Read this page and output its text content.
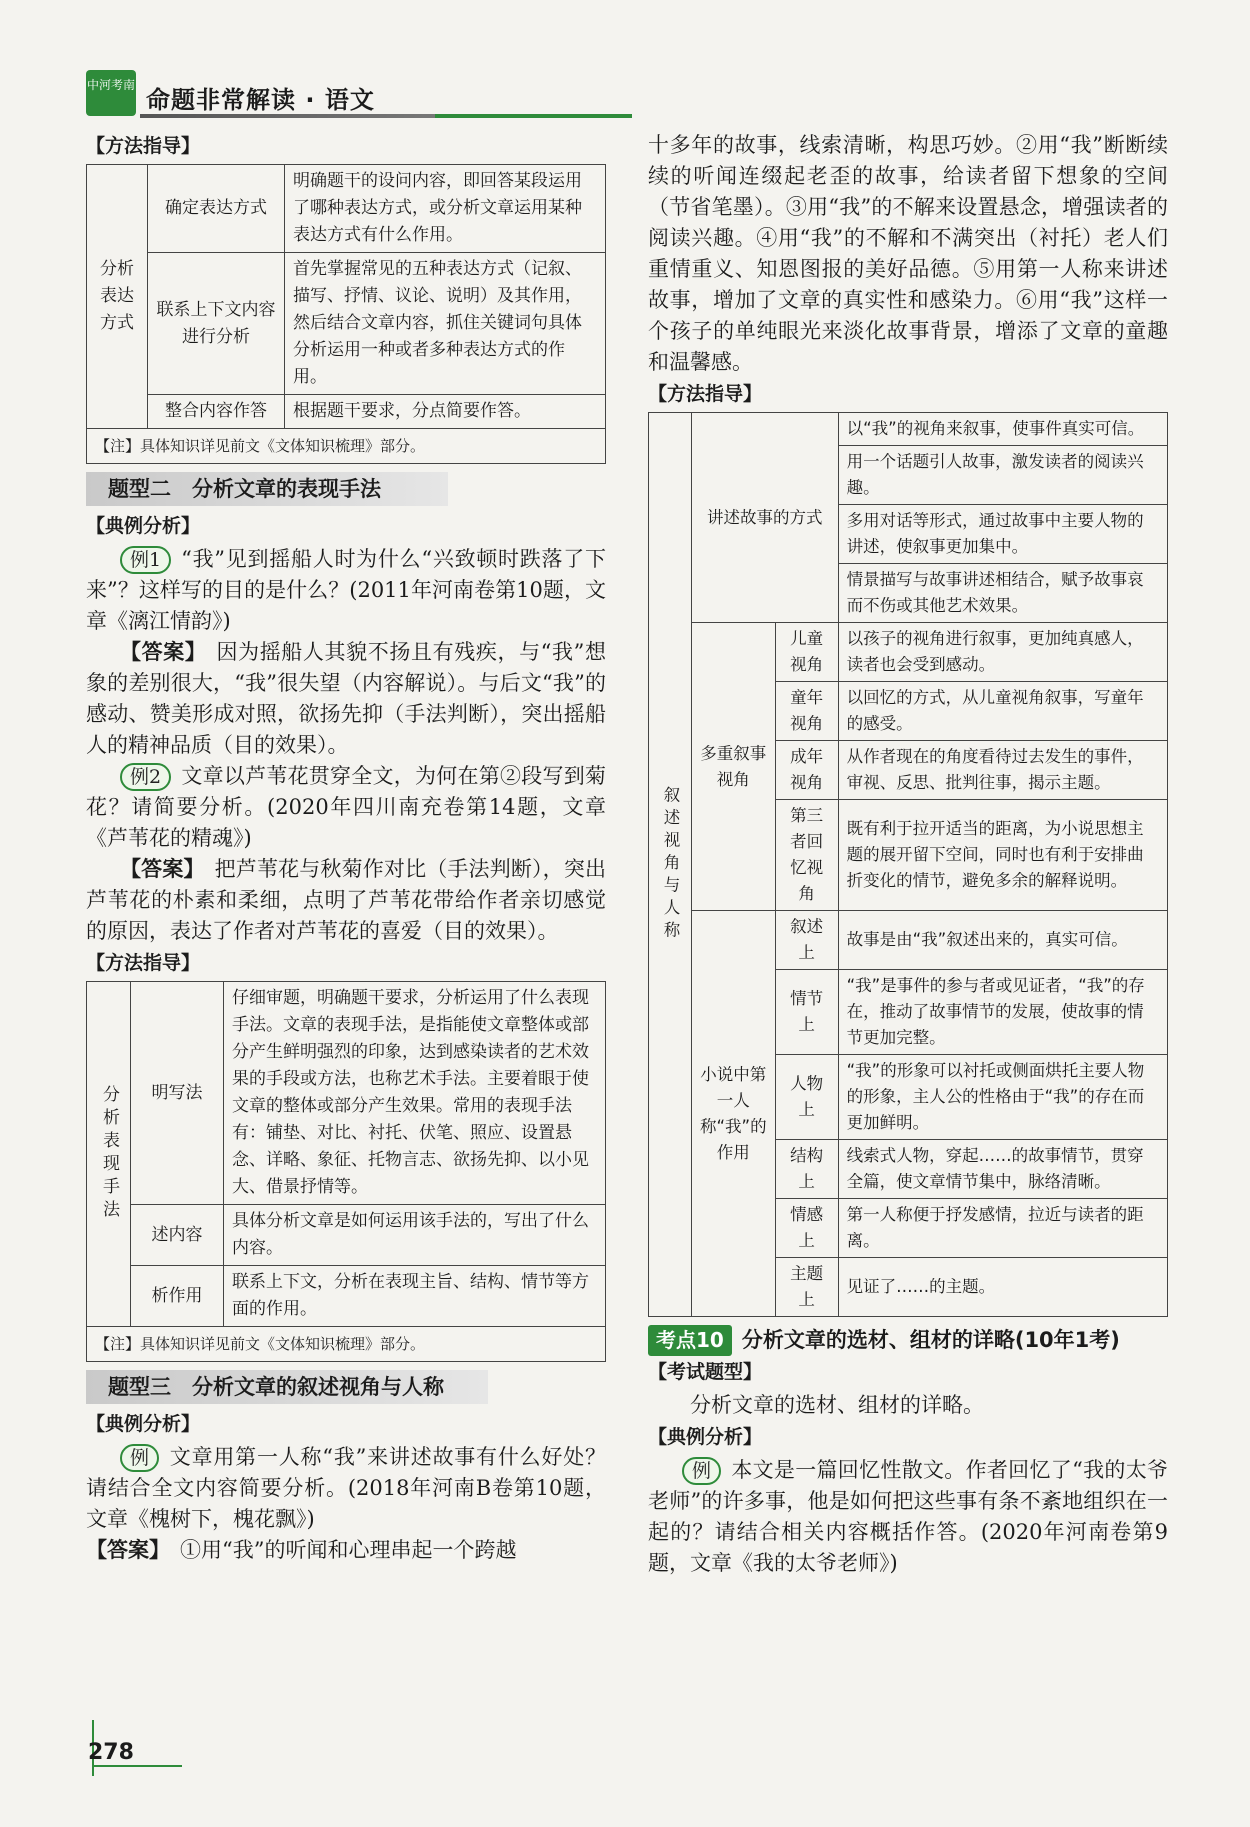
中河考南
命题非常解读 · 语文
【方法指导】
分析表达方式	确定表达方式	明确题干的设问内容，即回答某段运用了哪种表达方式，或分析文章运用某种表达方式有什么作用。
	联系上下文内容进行分析	首先掌握常见的五种表达方式（记叙、描写、抒情、议论、说明）及其作用，然后结合文章内容，抓住关键词句具体分析运用一种或者多种表达方式的作用。
	整合内容作答	根据题干要求，分点简要作答。
【注】具体知识详见前文《文体知识梳理》部分。
题型二　分析文章的表现手法
【典例分析】
例1 “我”见到摇船人时为什么“兴致顿时跌落了下来”？这样写的目的是什么？(2011年河南卷第10题，文章《漓江情韵》)
【答案】 因为摇船人其貌不扬且有残疾，与“我”想象的差别很大，“我”很失望（内容解说）。与后文“我”的感动、赞美形成对照，欲扬先抑（手法判断），突出摇船人的精神品质（目的效果）。
例2 文章以芦苇花贯穿全文，为何在第②段写到菊花？请简要分析。(2020年四川南充卷第14题，文章《芦苇花的精魂》)
【答案】 把芦苇花与秋菊作对比（手法判断），突出芦苇花的朴素和柔细，点明了芦苇花带给作者亲切感觉的原因，表达了作者对芦苇花的喜爱（目的效果）。
【方法指导】
分析表现手法	明写法	仔细审题，明确题干要求，分析运用了什么表现手法。文章的表现手法，是指能使文章整体或部分产生鲜明强烈的印象，达到感染读者的艺术效果的手段或方法，也称艺术手法。主要着眼于使文章的整体或部分产生效果。常用的表现手法有：铺垫、对比、衬托、伏笔、照应、设置悬念、详略、象征、托物言志、欲扬先抑、以小见大、借景抒情等。
	述内容	具体分析文章是如何运用该手法的，写出了什么内容。
	析作用	联系上下文，分析在表现主旨、结构、情节等方面的作用。
【注】具体知识详见前文《文体知识梳理》部分。
题型三　分析文章的叙述视角与人称
【典例分析】
例 文章用第一人称“我”来讲述故事有什么好处？请结合全文内容简要分析。(2018年河南B卷第10题，文章《槐树下，槐花飘》)
【答案】 ①用“我”的听闻和心理串起一个跨越
十多年的故事，线索清晰，构思巧妙。②用“我”断断续续的听闻连缀起老歪的故事，给读者留下想象的空间（节省笔墨）。③用“我”的不解来设置悬念，增强读者的阅读兴趣。④用“我”的不解和不满突出（衬托）老人们重情重义、知恩图报的美好品德。⑤用第一人称来讲述故事，增加了文章的真实性和感染力。⑥用“我”这样一个孩子的单纯眼光来淡化故事背景，增添了文章的童趣和温馨感。
【方法指导】
叙述视角与人称	讲述故事的方式		以“我”的视角来叙事，使事件真实可信。
			用一个话题引人故事，激发读者的阅读兴趣。
			多用对话等形式，通过故事中主要人物的讲述，使叙事更加集中。
			情景描写与故事讲述相结合，赋予故事哀而不伤或其他艺术效果。
	多重叙事视角	儿童视角	以孩子的视角进行叙事，更加纯真感人，读者也会受到感动。
		童年视角	以回忆的方式，从儿童视角叙事，写童年的感受。
		成年视角	从作者现在的角度看待过去发生的事件，审视、反思、批判往事，揭示主题。
		第三者回忆视角	既有利于拉开适当的距离，为小说思想主题的展开留下空间，同时也有利于安排曲折变化的情节，避免多余的解释说明。
	小说中第一人称“我”的作用	叙述上	故事是由“我”叙述出来的，真实可信。
		情节上	“我”是事件的参与者或见证者，“我”的存在，推动了故事情节的发展，使故事的情节更加完整。
		人物上	“我”的形象可以衬托或侧面烘托主要人物的形象，主人公的性格由于“我”的存在而更加鲜明。
		结构上	线索式人物，穿起……的故事情节，贯穿全篇，使文章情节集中，脉络清晰。
		情感上	第一人称便于抒发感情，拉近与读者的距离。
		主题上	见证了……的主题。
考点10 分析文章的选材、组材的详略(10年1考)
【考试题型】
分析文章的选材、组材的详略。
【典例分析】
例 本文是一篇回忆性散文。作者回忆了“我的太爷老师”的许多事，他是如何把这些事有条不紊地组织在一起的？请结合相关内容概括作答。(2020年河南卷第9题，文章《我的太爷老师》)
278
